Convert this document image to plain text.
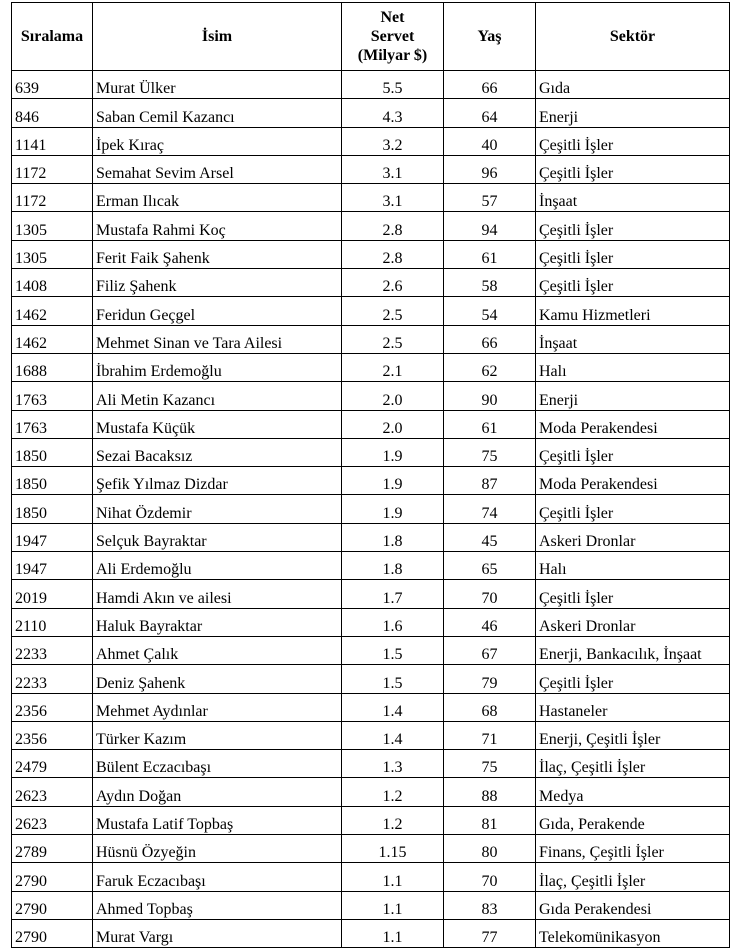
Sıralama	İsim	Net
Servet
(Milyar $)	Yaş	Sektör
639	Murat Ülker	5.5	66	Gıda
846	Saban Cemil Kazancı	4.3	64	Enerji
1141	İpek Kıraç	3.2	40	Çeşitli İşler
1172	Semahat Sevim Arsel	3.1	96	Çeşitli İşler
1172	Erman Ilıcak	3.1	57	İnşaat
1305	Mustafa Rahmi Koç	2.8	94	Çeşitli İşler
1305	Ferit Faik Şahenk	2.8	61	Çeşitli İşler
1408	Filiz Şahenk	2.6	58	Çeşitli İşler
1462	Feridun Geçgel	2.5	54	Kamu Hizmetleri
1462	Mehmet Sinan ve Tara Ailesi	2.5	66	İnşaat
1688	İbrahim Erdemoğlu	2.1	62	Halı
1763	Ali Metin Kazancı	2.0	90	Enerji
1763	Mustafa Küçük	2.0	61	Moda Perakendesi
1850	Sezai Bacaksız	1.9	75	Çeşitli İşler
1850	Şefik Yılmaz Dizdar	1.9	87	Moda Perakendesi
1850	Nihat Özdemir	1.9	74	Çeşitli İşler
1947	Selçuk Bayraktar	1.8	45	Askeri Dronlar
1947	Ali Erdemoğlu	1.8	65	Halı
2019	Hamdi Akın ve ailesi	1.7	70	Çeşitli İşler
2110	Haluk Bayraktar	1.6	46	Askeri Dronlar
2233	Ahmet Çalık	1.5	67	Enerji, Bankacılık, İnşaat
2233	Deniz Şahenk	1.5	79	Çeşitli İşler
2356	Mehmet Aydınlar	1.4	68	Hastaneler
2356	Türker Kazım	1.4	71	Enerji, Çeşitli İşler
2479	Bülent Eczacıbaşı	1.3	75	İlaç, Çeşitli İşler
2623	Aydın Doğan	1.2	88	Medya
2623	Mustafa Latif Topbaş	1.2	81	Gıda, Perakende
2789	Hüsnü Özyeğin	1.15	80	Finans, Çeşitli İşler
2790	Faruk Eczacıbaşı	1.1	70	İlaç, Çeşitli İşler
2790	Ahmed Topbaş	1.1	83	Gıda Perakendesi
2790	Murat Vargı	1.1	77	Telekomünikasyon
